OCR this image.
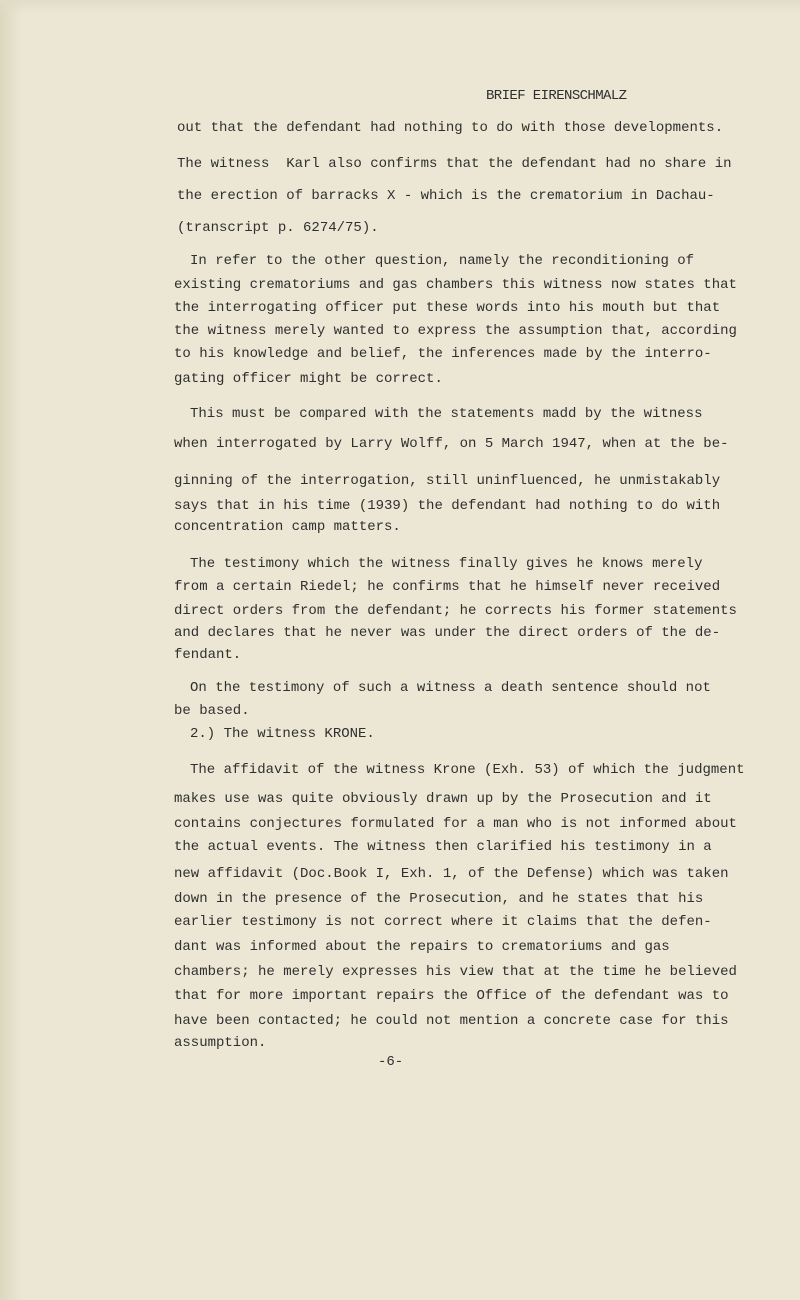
BRIEF EIRENSCHMALZ
out that the defendant had nothing to do with those developments.
The witness  Karl also confirms that the defendant had no share in
the erection of barracks X - which is the crematorium in Dachau-
(transcript p. 6274/75).
In refer to the other question, namely the reconditioning of
existing crematoriums and gas chambers this witness now states that
the interrogating officer put these words into his mouth but that
the witness merely wanted to express the assumption that, according
to his knowledge and belief, the inferences made by the interro-
gating officer might be correct.
This must be compared with the statements madd by the witness
when interrogated by Larry Wolff, on 5 March 1947, when at the be-
ginning of the interrogation, still uninfluenced, he unmistakably
says that in his time (1939) the defendant had nothing to do with
concentration camp matters.
The testimony which the witness finally gives he knows merely
from a certain Riedel; he confirms that he himself never received
direct orders from the defendant; he corrects his former statements
and declares that he never was under the direct orders of the de-
fendant.
On the testimony of such a witness a death sentence should not
be based.
2.) The witness KRONE.
The affidavit of the witness Krone (Exh. 53) of which the judgment
makes use was quite obviously drawn up by the Prosecution and it
contains conjectures formulated for a man who is not informed about
the actual events. The witness then clarified his testimony in a
new affidavit (Doc.Book I, Exh. 1, of the Defense) which was taken
down in the presence of the Prosecution, and he states that his
earlier testimony is not correct where it claims that the defen-
dant was informed about the repairs to crematoriums and gas
chambers; he merely expresses his view that at the time he believed
that for more important repairs the Office of the defendant was to
have been contacted; he could not mention a concrete case for this
assumption.
-6-
